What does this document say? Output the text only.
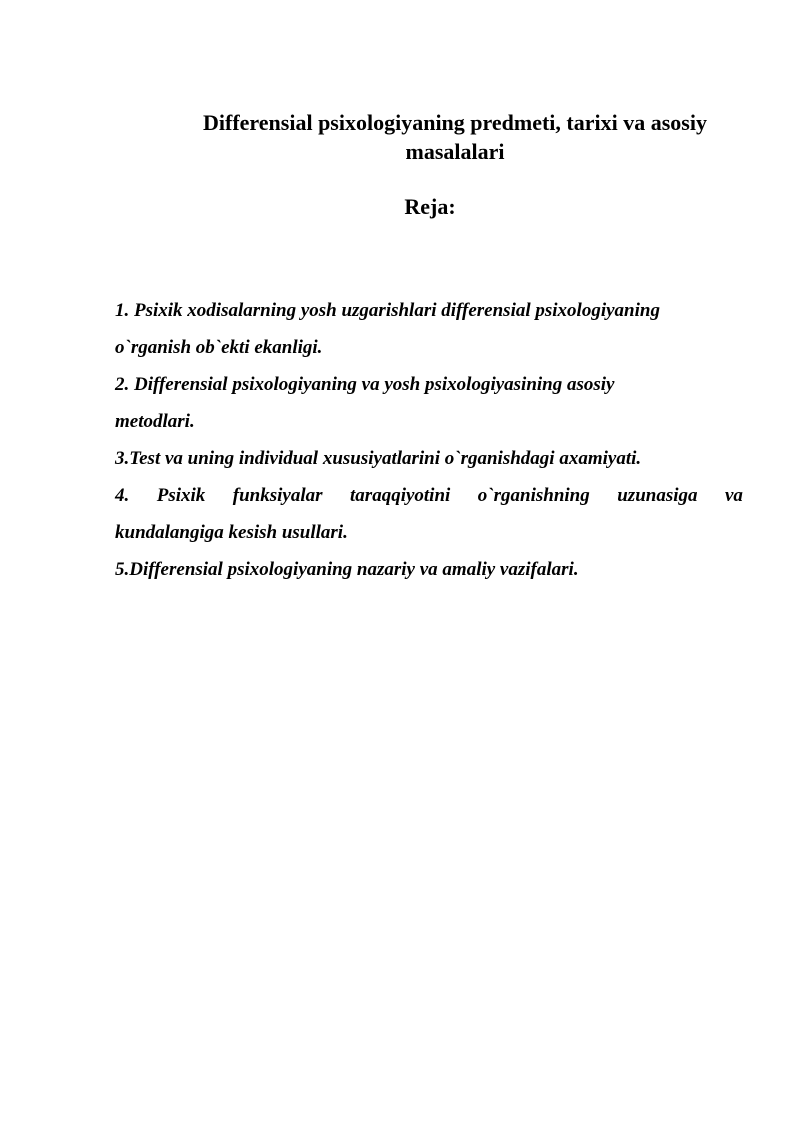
Differensial psixologiyaning predmeti, tarixi va asosiy
masalalari
Reja:
1. Psixik xodisalarning yosh uzgarishlari differensial psixologiyaning
o`rganish ob`ekti ekanligi.
2. Differensial psixologiyaning va yosh psixologiyasining asosiy
metodlari.
3.Test va uning individual xususiyatlarini o`rganishdagi axamiyati.
4. Psixik funksiyalar taraqqiyotini o`rganishning uzunasiga va
kundalangiga kesish usullari.
5.Differensial psixologiyaning nazariy va amaliy vazifalari.
